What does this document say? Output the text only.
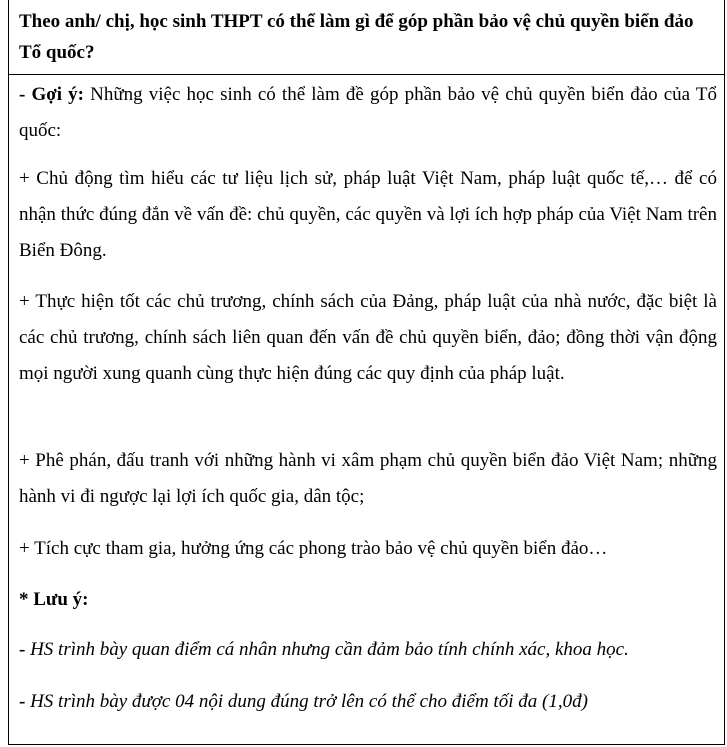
Theo anh/ chị, học sinh THPT có thể làm gì để góp phần bảo vệ chủ quyền biển đảo Tổ quốc?
- Gợi ý: Những việc học sinh có thể làm đề góp phần bảo vệ chủ quyền biển đảo của Tổ quốc:
+ Chủ động tìm hiểu các tư liệu lịch sử, pháp luật Việt Nam, pháp luật quốc tế,… để có nhận thức đúng đắn về vấn đề: chủ quyền, các quyền và lợi ích hợp pháp của Việt Nam trên Biển Đông.
+ Thực hiện tốt các chủ trương, chính sách của Đảng, pháp luật của nhà nước, đặc biệt là các chủ trương, chính sách liên quan đến vấn đề chủ quyền biển, đảo; đồng thời vận động mọi người xung quanh cùng thực hiện đúng các quy định của pháp luật.
+ Phê phán, đấu tranh với những hành vi xâm phạm chủ quyền biển đảo Việt Nam; những hành vi đi ngược lại lợi ích quốc gia, dân tộc;
+ Tích cực tham gia, hưởng ứng các phong trào bảo vệ chủ quyền biển đảo…
* Lưu ý:
- HS trình bày quan điểm cá nhân nhưng cần đảm bảo tính chính xác, khoa học.
- HS trình bày được 04 nội dung đúng trở lên có thể cho điểm tối đa (1,0đ)
